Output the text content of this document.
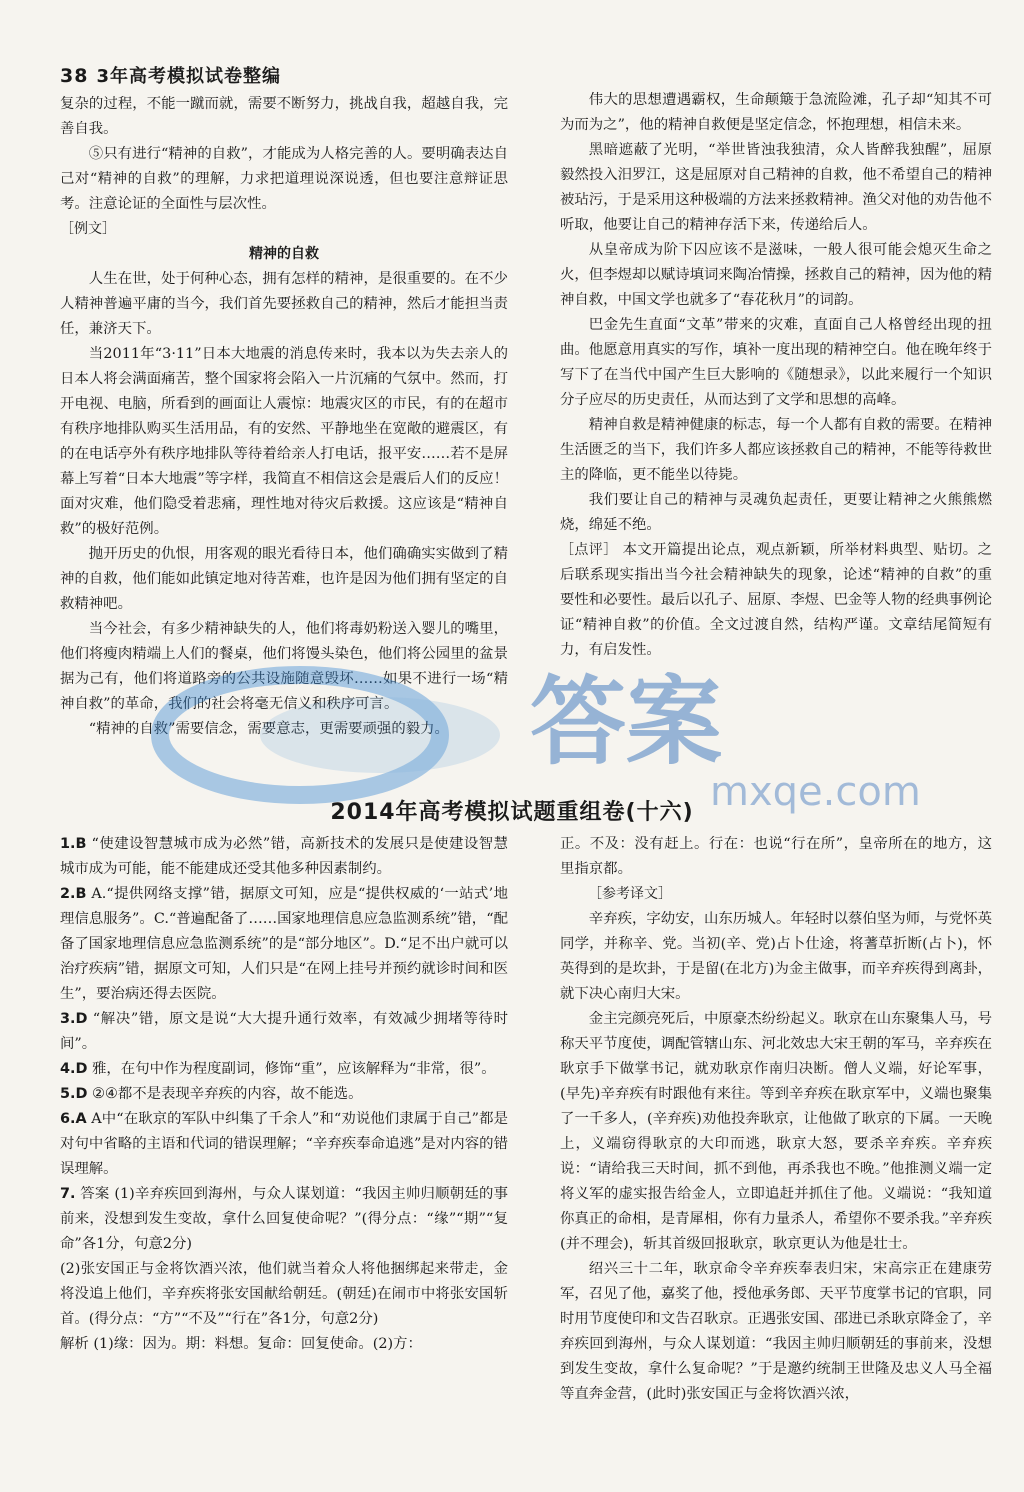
38 3年高考模拟试卷整编

复杂的过程，不能一蹴而就，需要不断努力，挑战自我，超越自我，完善自我。

⑤只有进行“精神的自救”，才能成为人格完善的人。要明确表达自己对“精神的自救”的理解，力求把道理说深说透，但也要注意辩证思考。注意论证的全面性与层次性。

［例文］

精神的自救

人生在世，处于何种心态，拥有怎样的精神，是很重要的。在不少人精神普遍平庸的当今，我们首先要拯救自己的精神，然后才能担当责任，兼济天下。

当2011年“3·11”日本大地震的消息传来时，我本以为失去亲人的日本人将会满面痛苦，整个国家将会陷入一片沉痛的气氛中。然而，打开电视、电脑，所看到的画面让人震惊：地震灾区的市民，有的在超市有秩序地排队购买生活用品，有的安然、平静地坐在宽敞的避震区，有的在电话亭外有秩序地排队等待着给亲人打电话，报平安……若不是屏幕上写着“日本大地震”等字样，我简直不相信这会是震后人们的反应！面对灾难，他们隐受着悲痛，理性地对待灾后救援。这应该是“精神自救”的极好范例。

抛开历史的仇恨，用客观的眼光看待日本，他们确确实实做到了精神的自救，他们能如此镇定地对待苦难，也许是因为他们拥有坚定的自救精神吧。

当今社会，有多少精神缺失的人，他们将毒奶粉送入婴儿的嘴里，他们将瘦肉精端上人们的餐桌，他们将馒头染色，他们将公园里的盆景据为己有，他们将道路旁的公共设施随意毁坏……如果不进行一场“精神自救”的革命，我们的社会将毫无信义和秩序可言。

“精神的自救”需要信念，需要意志，更需要顽强的毅力。

伟大的思想遭遇霸权，生命颠簸于急流险滩，孔子却“知其不可为而为之”，他的精神自救便是坚定信念，怀抱理想，相信未来。

黑暗遮蔽了光明，“举世皆浊我独清，众人皆醉我独醒”，屈原毅然投入汨罗江，这是屈原对自己精神的自救，他不希望自己的精神被玷污，于是采用这种极端的方法来拯救精神。渔父对他的劝告他不听取，他要让自己的精神存活下来，传递给后人。

从皇帝成为阶下囚应该不是滋味，一般人很可能会熄灭生命之火，但李煜却以赋诗填词来陶冶情操，拯救自己的精神，因为他的精神自救，中国文学也就多了“春花秋月”的词韵。

巴金先生直面“文革”带来的灾难，直面自己人格曾经出现的扭曲。他愿意用真实的写作，填补一度出现的精神空白。他在晚年终于写下了在当代中国产生巨大影响的《随想录》，以此来履行一个知识分子应尽的历史责任，从而达到了文学和思想的高峰。

精神自救是精神健康的标志，每一个人都有自救的需要。在精神生活匮乏的当下，我们许多人都应该拯救自己的精神，不能等待救世主的降临，更不能坐以待毙。

我们要让自己的精神与灵魂负起责任，更要让精神之火熊熊燃烧，绵延不绝。

［点评］ 本文开篇提出论点，观点新颖，所举材料典型、贴切。之后联系现实指出当今社会精神缺失的现象，论述“精神的自救”的重要性和必要性。最后以孔子、屈原、李煜、巴金等人物的经典事例论证“精神自救”的价值。全文过渡自然，结构严谨。文章结尾简短有力，有启发性。

2014年高考模拟试题重组卷(十六)

1.B “使建设智慧城市成为必然”错，高新技术的发展只是使建设智慧城市成为可能，能不能建成还受其他多种因素制约。

2.B A.“提供网络支撑”错，据原文可知，应是“提供权威的‘一站式’地理信息服务”。C.“普遍配备了……国家地理信息应急监测系统”错，“配备了国家地理信息应急监测系统”的是“部分地区”。D.“足不出户就可以治疗疾病”错，据原文可知，人们只是“在网上挂号并预约就诊时间和医生”，要治病还得去医院。

3.D “解决”错，原文是说“大大提升通行效率，有效减少拥堵等待时间”。

4.D 雅，在句中作为程度副词，修饰“重”，应该解释为“非常，很”。

5.D ②④都不是表现辛弃疾的内容，故不能选。

6.A A中“在耿京的军队中纠集了千余人”和“劝说他们隶属于自己”都是对句中省略的主语和代词的错误理解；“辛弃疾奉命追逃”是对内容的错误理解。

7. 答案 (1)辛弃疾回到海州，与众人谋划道：“我因主帅归顺朝廷的事前来，没想到发生变故，拿什么回复使命呢？”(得分点：“缘”“期”“复命”各1分，句意2分)

(2)张安国正与金将饮酒兴浓，他们就当着众人将他捆绑起来带走，金将没追上他们，辛弃疾将张安国献给朝廷。(朝廷)在闹市中将张安国斩首。(得分点：“方”“不及”“行在”各1分，句意2分)

解析 (1)缘：因为。期：料想。复命：回复使命。(2)方：

正。不及：没有赶上。行在：也说“行在所”，皇帝所在的地方，这里指京都。

［参考译文］

辛弃疾，字幼安，山东历城人。年轻时以蔡伯坚为师，与党怀英同学，并称辛、党。当初(辛、党)占卜仕途，将蓍草折断(占卜)，怀英得到的是坎卦，于是留(在北方)为金主做事，而辛弃疾得到离卦，就下决心南归大宋。

金主完颜亮死后，中原豪杰纷纷起义。耿京在山东聚集人马，号称天平节度使，调配管辖山东、河北效忠大宋王朝的军马，辛弃疾在耿京手下做掌书记，就劝耿京作南归决断。僧人义端，好论军事，(早先)辛弃疾有时跟他有来往。等到辛弃疾在耿京军中，义端也聚集了一千多人，(辛弃疾)劝他投奔耿京，让他做了耿京的下属。一天晚上，义端窃得耿京的大印而逃，耿京大怒，要杀辛弃疾。辛弃疾说：“请给我三天时间，抓不到他，再杀我也不晚。”他推测义端一定将义军的虚实报告给金人，立即追赶并抓住了他。义端说：“我知道你真正的命相，是青犀相，你有力量杀人，希望你不要杀我。”辛弃疾(并不理会)，斩其首级回报耿京，耿京更认为他是壮士。

绍兴三十二年，耿京命令辛弃疾奉表归宋，宋高宗正在建康劳军，召见了他，嘉奖了他，授他承务郎、天平节度掌书记的官职，同时用节度使印和文告召耿京。正遇张安国、邵进已杀耿京降金了，辛弃疾回到海州，与众人谋划道：“我因主帅归顺朝廷的事前来，没想到发生变故，拿什么复命呢？”于是邀约统制王世隆及忠义人马全福等直奔金营，(此时)张安国正与金将饮酒兴浓，

答案
mxqe.com
